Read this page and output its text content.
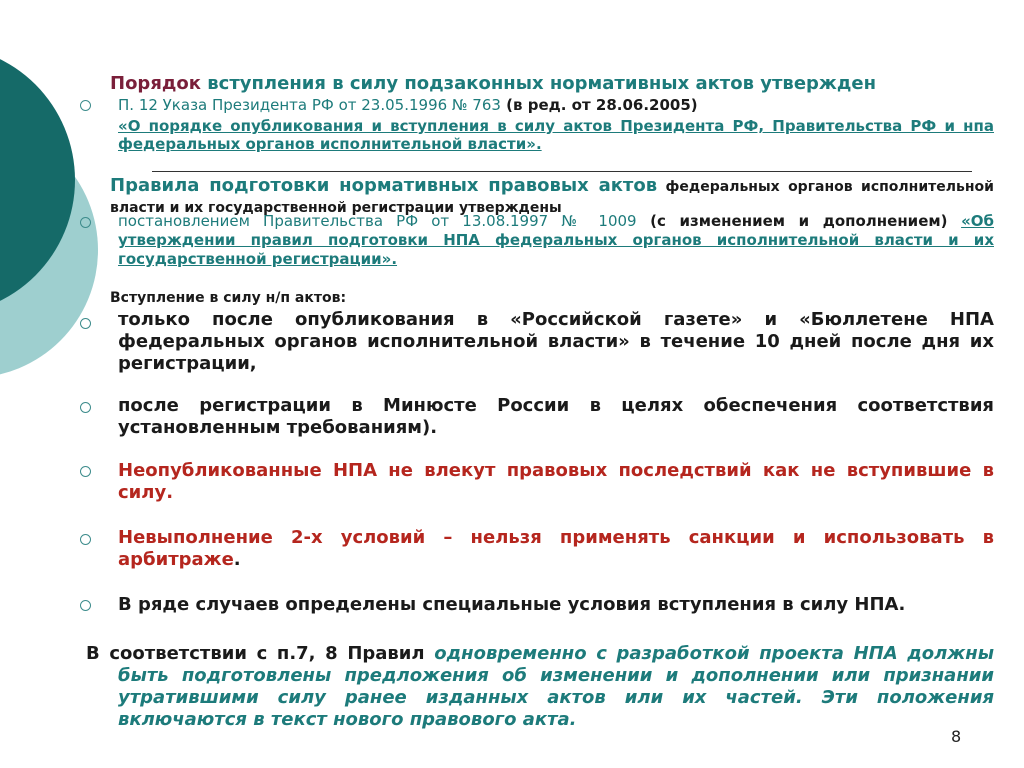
Порядок вступления в силу подзаконных нормативных актов утвержден
П. 12 Указа Президента РФ от 23.05.1996 № 763 (в ред. от 28.06.2005)
«О порядке опубликования и вступления в силу актов Президента РФ, Правительства РФ и нпа федеральных органов исполнительной власти».
Правила подготовки нормативных правовых актов федеральных органов исполнительной власти и их государственной регистрации утверждены
постановлением Правительства РФ от 13.08.1997 № 1009 (с изменением и дополнением) «Об утверждении правил подготовки НПА федеральных органов исполнительной власти и их государственной регистрации».
Вступление в силу н/п актов:
только после опубликования в «Российской газете» и «Бюллетене НПА федеральных органов исполнительной власти» в течение 10 дней после дня их регистрации,
после регистрации в Минюсте России в целях обеспечения соответствия установленным требованиям).
Неопубликованные НПА не влекут правовых последствий как не вступившие в силу.
Невыполнение 2-х условий – нельзя применять санкции и использовать в арбитраже.
В ряде случаев определены специальные условия вступления в силу НПА.
В соответствии с п.7, 8 Правил одновременно с разработкой проекта НПА должны быть подготовлены предложения об изменении и дополнении или признании утратившими силу ранее изданных актов или их частей. Эти положения включаются в текст нового правового акта.
8
